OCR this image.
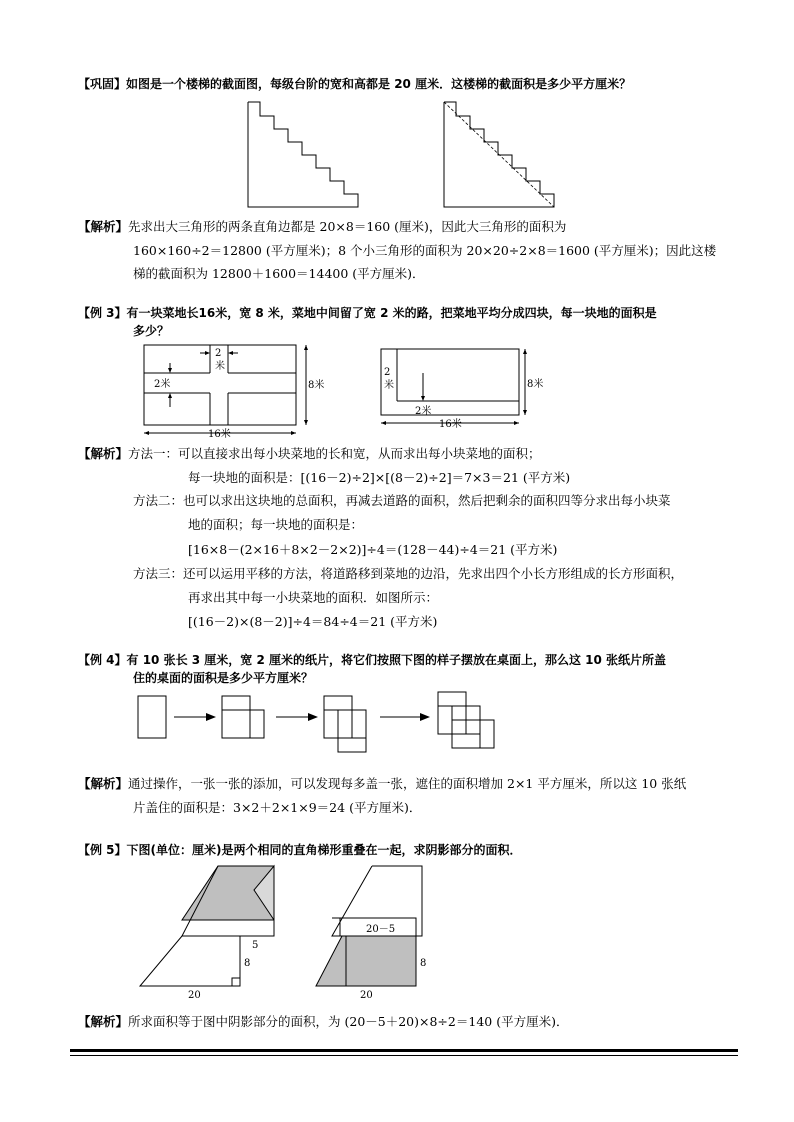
【巩固】如图是一个楼梯的截面图，每级台阶的宽和高都是 20 厘米．这楼梯的截面积是多少平方厘米？
【解析】先求出大三角形的两条直角边都是 20×8＝160 (厘米)，因此大三角形的面积为
160×160÷2＝12800 (平方厘米)；8 个小三角形的面积为 20×20÷2×8＝1600 (平方厘米)；因此这楼
梯的截面积为 12800＋1600＝14400 (平方厘米)．
【例 3】有一块菜地长16米，宽 8 米，菜地中间留了宽 2 米的路，把菜地平均分成四块，每一块地的面积是
多少？
2
米
2米	8米
16米
2
米
2米
8米
16米
【解析】方法一：可以直接求出每小块菜地的长和宽，从而求出每小块菜地的面积；
每一块地的面积是：[(16－2)÷2]×[(8－2)÷2]＝7×3＝21 (平方米)
方法二：也可以求出这块地的总面积，再减去道路的面积，然后把剩余的面积四等分求出每小块菜
地的面积；每一块地的面积是：
[16×8－(2×16＋8×2－2×2)]÷4＝(128－44)÷4＝21 (平方米)
方法三：还可以运用平移的方法，将道路移到菜地的边沿，先求出四个小长方形组成的长方形面积，
再求出其中每一小块菜地的面积．如图所示：
[(16－2)×(8－2)]÷4＝84÷4＝21 (平方米)
【例 4】有 10 张长 3 厘米，宽 2 厘米的纸片，将它们按照下图的样子摆放在桌面上，那么这 10 张纸片所盖
住的桌面的面积是多少平方厘米？
【解析】通过操作，一张一张的添加，可以发现每多盖一张，遮住的面积增加 2×1 平方厘米，所以这 10 张纸
片盖住的面积是：3×2＋2×1×9＝24 (平方厘米)．
【例 5】下图(单位：厘米)是两个相同的直角梯形重叠在一起，求阴影部分的面积．
5
8
20
20－5
8
20
【解析】所求面积等于图中阴影部分的面积，为 (20－5＋20)×8÷2＝140 (平方厘米)．
